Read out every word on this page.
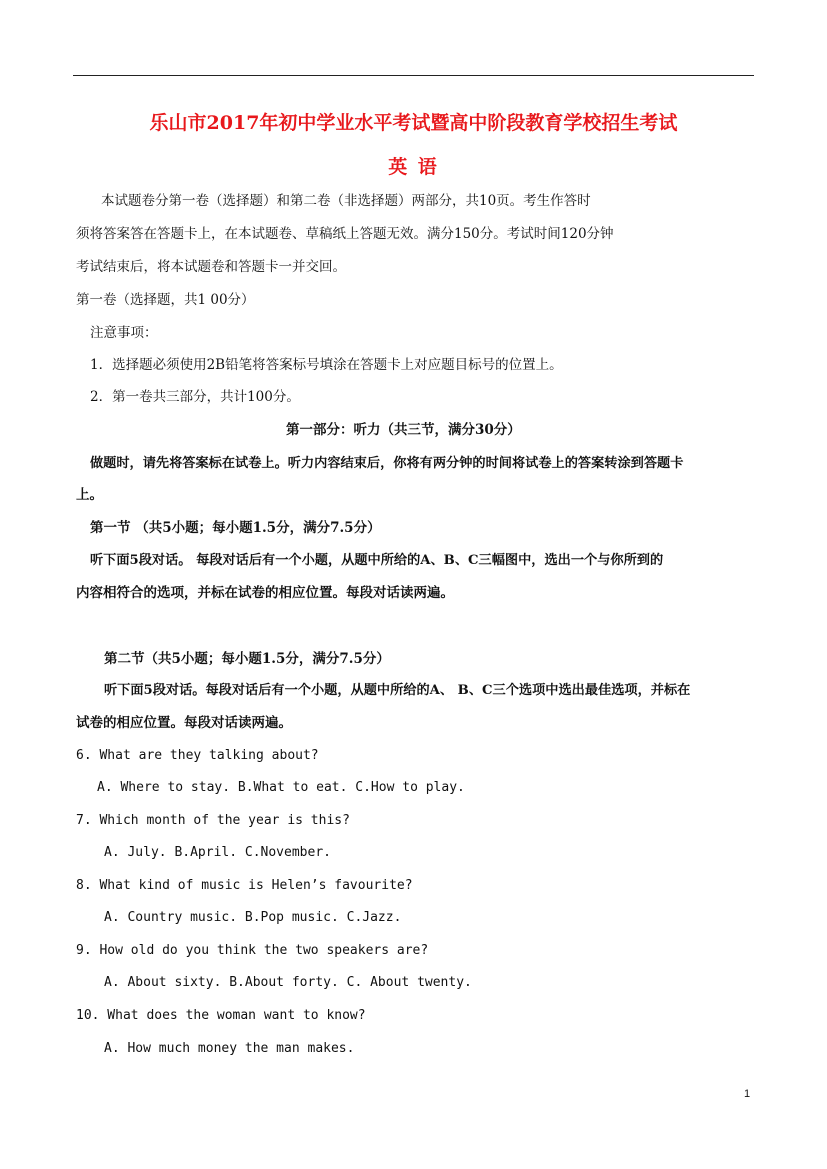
乐山市2017年初中学业水平考试暨高中阶段教育学校招生考试
英 语
本试题卷分第一卷（选择题）和第二卷（非选择题）两部分，共10页。考生作答时
须将答案答在答题卡上，在本试题卷、草稿纸上答题无效。满分150分。考试时间120分钟
考试结束后，将本试题卷和答题卡一并交回。
第一卷（选择题，共1 00分）
注意事项：
1．选择题必须使用2B铅笔将答案标号填涂在答题卡上对应题目标号的位置上。
2．第一卷共三部分，共计100分。
第一部分：听力（共三节，满分30分）
做题时，请先将答案标在试卷上。听力内容结束后，你将有两分钟的时间将试卷上的答案转涂到答题卡
上。
第一节 （共5小题；每小题1.5分，满分7.5分）
听下面5段对话。 每段对话后有一个小题，从题中所给的A、B、C三幅图中，选出一个与你所到的
内容相符合的选项，并标在试卷的相应位置。每段对话读两遍。
第二节（共5小题；每小题1.5分，满分7.5分）
听下面5段对话。每段对话后有一个小题，从题中所给的A、 B、C三个选项中选出最佳选项，并标在
试卷的相应位置。每段对话读两遍。
6. What are they talking about?
A. Where to stay. B.What to eat. C.How to play.
7. Which month of the year is this?
A. July. B.April. C.November.
8. What kind of music is Helen’s favourite?
A. Country music. B.Pop music. C.Jazz.
9. How old do you think the two speakers are?
A. About sixty. B.About forty. C. About twenty.
10. What does the woman want to know?
A. How much money the man makes.
1
